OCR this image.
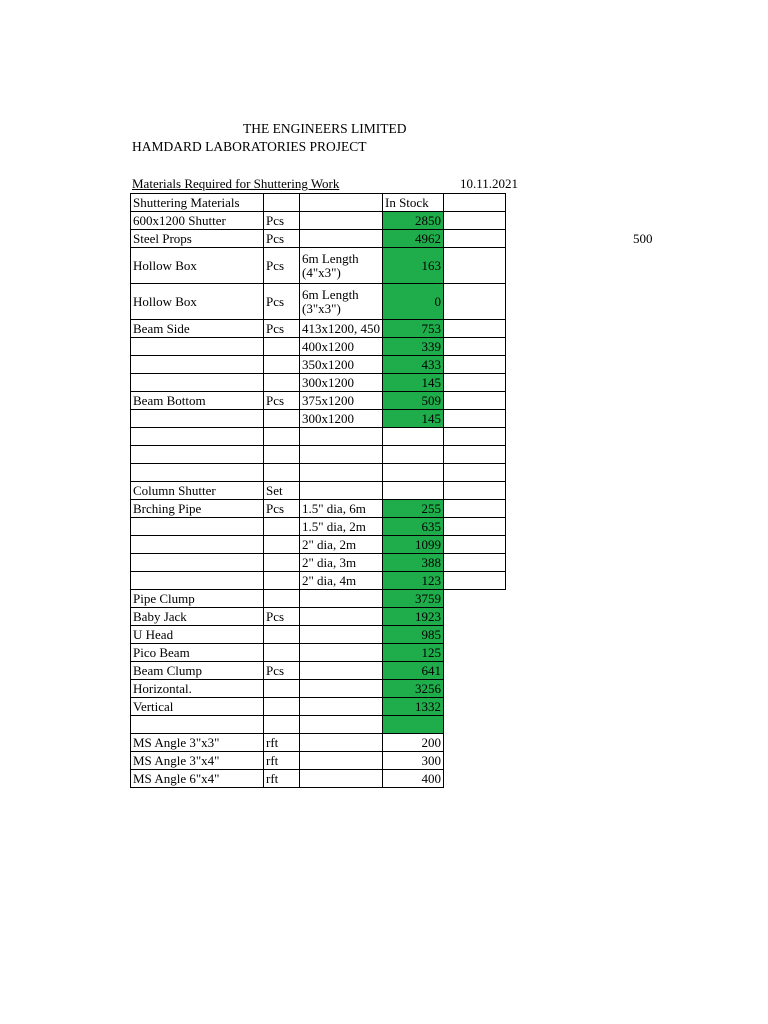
THE ENGINEERS LIMITED
HAMDARD LABORATORIES PROJECT
Materials Required for Shuttering Work	10.11.2021
500
Shuttering Materials			In Stock	
600x1200 Shutter	Pcs		2850	
Steel Props	Pcs		4962	
Hollow Box	Pcs	6m Length (4"x3")	163	
Hollow Box	Pcs	6m Length (3"x3")	0	
Beam Side	Pcs	413x1200, 450	753	
		400x1200	339	
		350x1200	433	
		300x1200	145	
Beam Bottom	Pcs	375x1200	509	
		300x1200	145	

Column Shutter	Set			
Brching Pipe	Pcs	1.5" dia, 6m	255	
		1.5" dia, 2m	635	
		2" dia, 2m	1099	
		2" dia, 3m	388	
		2" dia, 4m	123	
Pipe Clump			3759	
Baby Jack	Pcs		1923	
U Head			985	
Pico Beam			125	
Beam Clump	Pcs		641	
Horizontal.			3256	
Vertical			1332	

MS Angle 3"x3"	rft		200	
MS Angle 3"x4"	rft		300	
MS Angle 6"x4"	rft		400	
